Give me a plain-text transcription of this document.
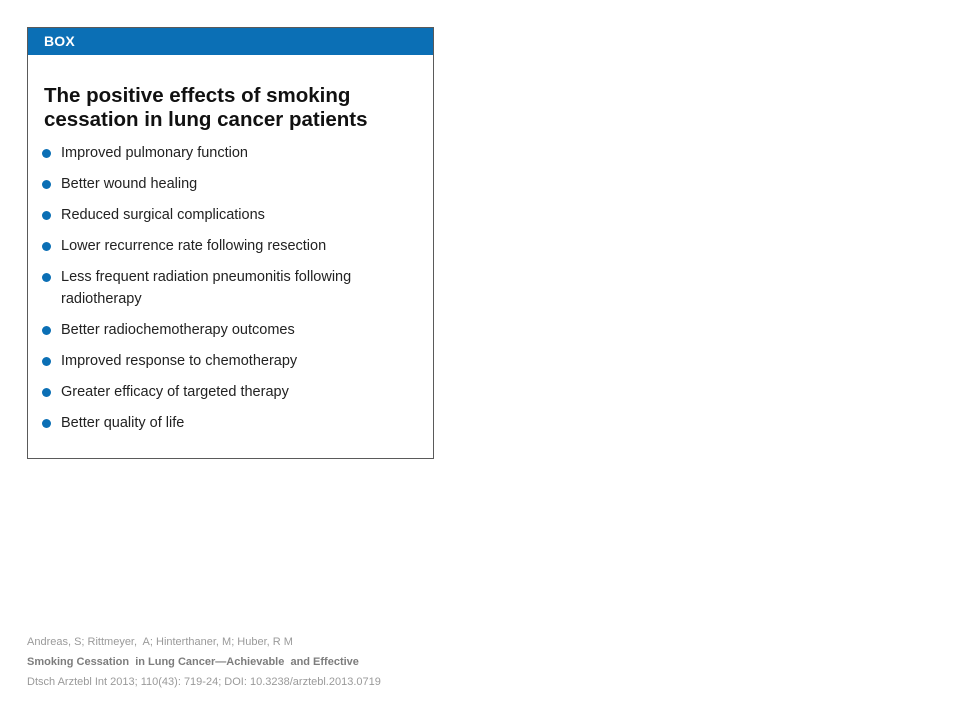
BOX
The positive effects of smoking
cessation in lung cancer patients
Improved pulmonary function
Better wound healing
Reduced surgical complications
Lower recurrence rate following resection
Less frequent radiation pneumonitis following radiotherapy
Better radiochemotherapy outcomes
Improved response to chemotherapy
Greater efficacy of targeted therapy
Better quality of life
Andreas, S; Rittmeyer,  A; Hinterthaner, M; Huber, R M
Smoking Cessation  in Lung Cancer—Achievable  and Effective
Dtsch Arztebl Int 2013; 110(43): 719-24; DOI: 10.3238/arztebl.2013.0719
